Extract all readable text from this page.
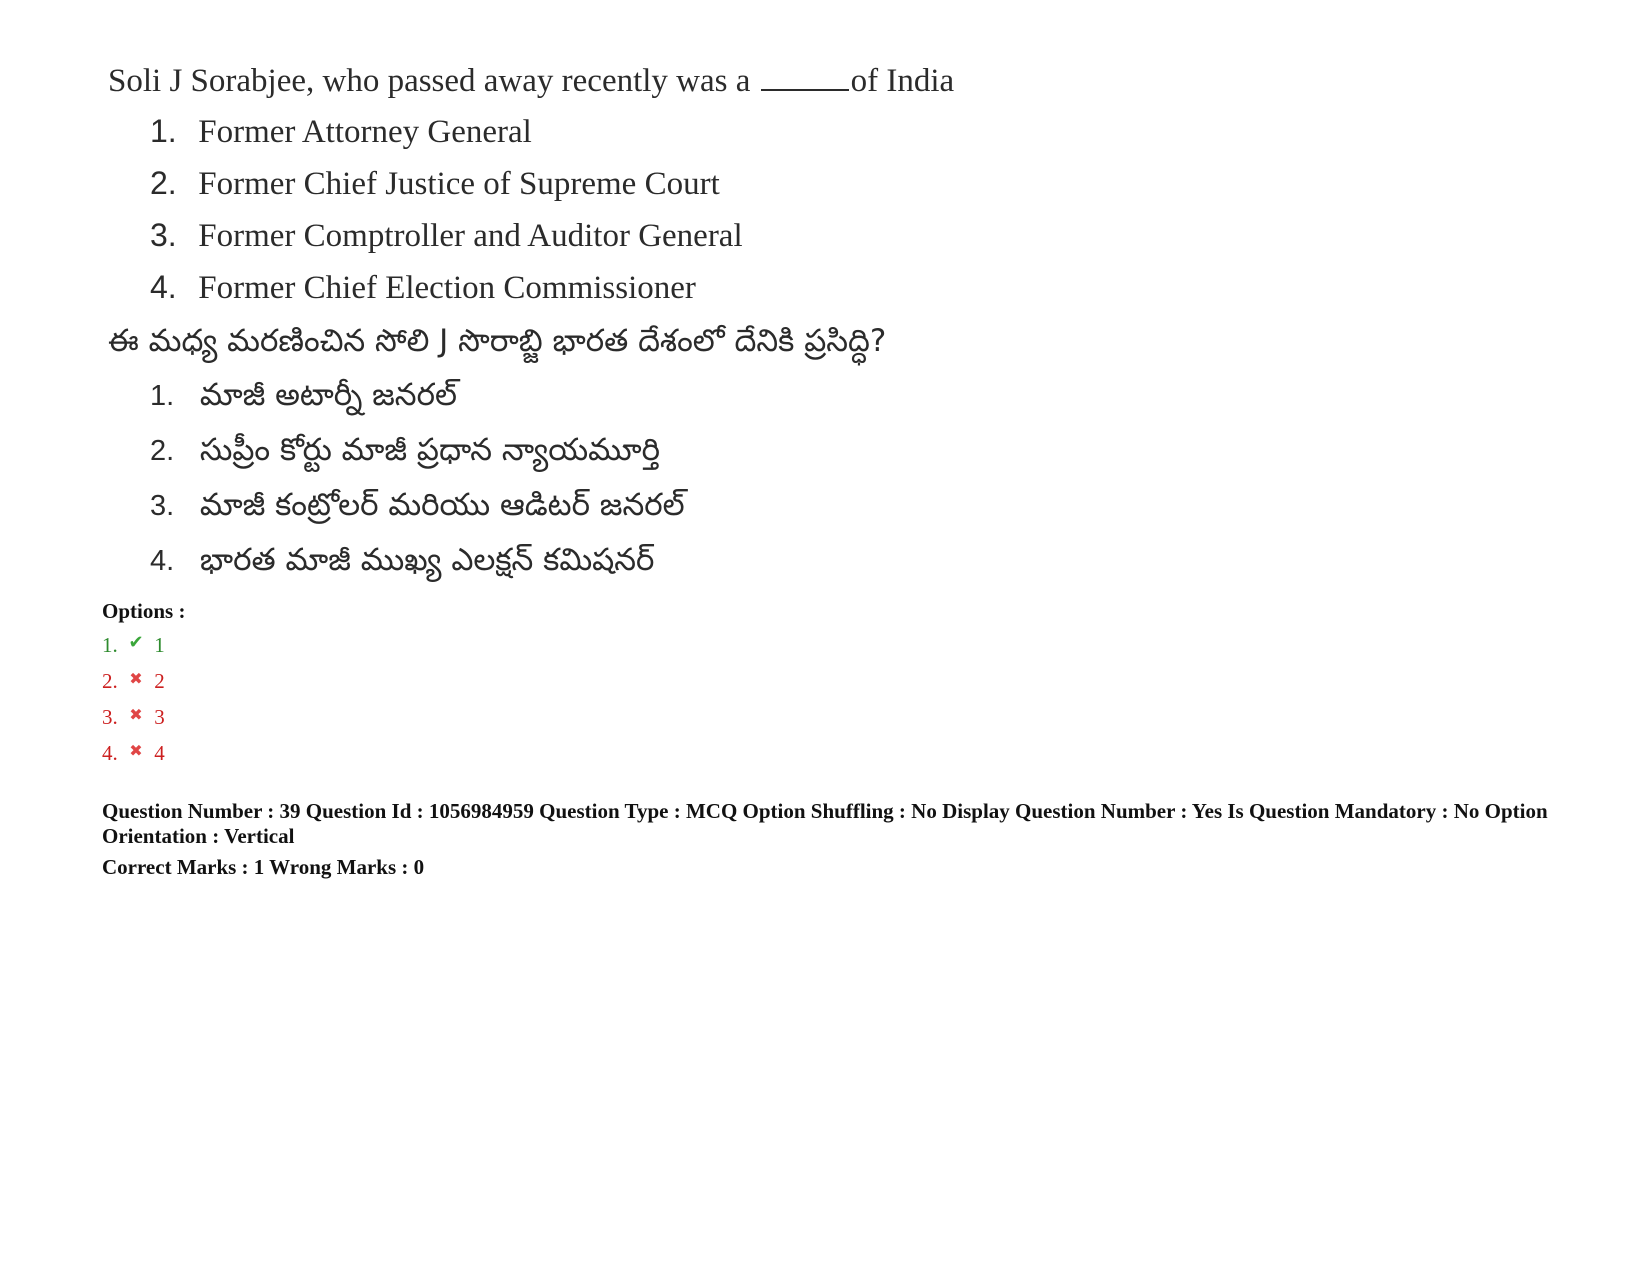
Soli J Sorabjee, who passed away recently was a	of India
1. Former Attorney General
2. Former Chief Justice of Supreme Court
3. Former Comptroller and Auditor General
4. Former Chief Election Commissioner
ఈ మధ్య మరణించిన సోలి J సొరాబ్జి భారత దేశంలో దేనికి ప్రసిద్ధి?
1. మాజీ అటార్నీ జనరల్
2. సుప్రీం కోర్టు మాజీ ప్రధాన న్యాయమూర్తి
3. మాజీ కంట్రోలర్ మరియు ఆడిటర్ జనరల్
4. భారత మాజీ ముఖ్య ఎలక్షన్ కమిషనర్
Options :
1. ✔ 1
2. ✖ 2
3. ✖ 3
4. ✖ 4
Question Number : 39 Question Id : 1056984959 Question Type : MCQ Option Shuffling : No Display Question Number : Yes Is Question Mandatory : No Option Orientation : Vertical
Correct Marks : 1 Wrong Marks : 0
